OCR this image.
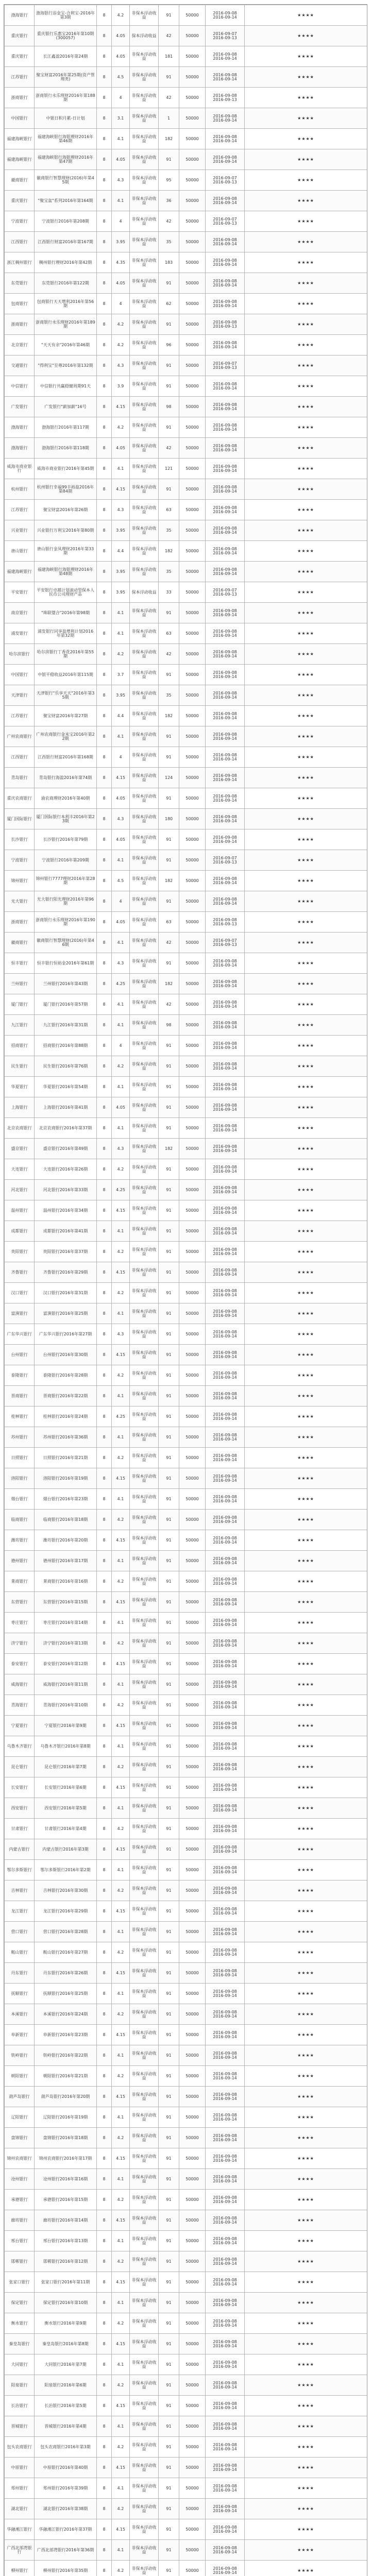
渤海银行	渤海银行添金宝-合利宝-2016年第3期	8	4.2	非保本浮动收益	91	50000	2016-09-08
2016-09-14	★★★★
重庆银行	重庆银行乐惠宝2016年第10期(300057)	8	4.05	保本浮动收益	42	50000	2016-09-07
2016-09-13	★★★★
重庆银行	长江鑫盈2016年第24期	8	4.05	非保本浮动收益	181	50000	2016-09-08
2016-09-14	★★★★
江苏银行	聚宝财富2016年第25期(资产管理类)	8	4.5	非保本浮动收益	91	50000	2016-09-08
2016-09-14	★★★★
浙商银行	浙商银行永乐理财2016年第188期	8	4	非保本浮动收益	42	50000	2016-09-08
2016-09-13	★★★★
中国银行	中银日积月累-日计划	8	3.1	非保本浮动收益	1	50000	2016-09-08
2016-09-14	★★★★
福建海峡银行	福建海峡银行海银理财2016年第46期	8	4.1	非保本浮动收益	182	50000	2016-09-08
2016-09-14	★★★★
福建海峡银行	福建海峡银行海银理财2016年第47期	8	4.05	非保本浮动收益	91	50000	2016-09-08
2016-09-14	★★★★
徽商银行	徽商银行智慧理财(2016)年第45期	8	4.3	非保本浮动收益	95	50000	2016-09-07
2016-09-13	★★★★
重庆银行	"聚宝盆"系列2016年第164期	8	4.1	非保本浮动收益	36	50000	2016-09-08
2016-09-14	★★★★
宁波银行	宁波银行2016年第208期	8	4	非保本浮动收益	42	50000	2016-09-07
2016-09-13	★★★★
江西银行	江西银行财富2016年第167期	8	3.95	非保本浮动收益	35	50000	2016-09-08
2016-09-14	★★★★
浙江稠州银行	稠州银行理财2016年第42期	8	4.35	非保本浮动收益	183	50000	2016-09-08
2016-09-14	★★★★
东莞银行	东莞银行2016年第122期	8	4.05	非保本浮动收益	91	50000	2016-09-08
2016-09-14	★★★★
包商银行	包商银行天天增利2016年第56期	8	4	非保本浮动收益	62	50000	2016-09-08
2016-09-14	★★★★
浙商银行	浙商银行永乐理财2016年第189期	8	4.2	非保本浮动收益	91	50000	2016-09-08
2016-09-13	★★★★
北京银行	"天天有余"2016年第46期	8	4.2	非保本浮动收益	96	50000	2016-09-08
2016-09-14	★★★★
交通银行	"得利宝"至尊2016年第132期	8	4.3	非保本浮动收益	91	50000	2016-09-07
2016-09-13	★★★★
中信银行	中信银行共赢稳健周期91天	8	3.9	非保本浮动收益	91	50000	2016-09-08
2016-09-14	★★★★
广发银行	广发银行"薪加薪"16号	8	4.15	非保本浮动收益	98	50000	2016-09-08
2016-09-14	★★★★
渤海银行	渤海银行2016年第117期	8	4.2	非保本浮动收益	91	50000	2016-09-08
2016-09-14	★★★★
渤海银行	渤海银行2016年第118期	8	4.05	非保本浮动收益	42	50000	2016-09-08
2016-09-14	★★★★
威海市商业银行	威海市商业银行2016年第45期	8	4.1	非保本浮动收益	121	50000	2016-09-08
2016-09-14	★★★★
杭州银行	杭州银行幸福99丰裕盈2016年第84期	8	4.15	非保本浮动收益	91	50000	2016-09-08
2016-09-14	★★★★
江苏银行	聚宝财富2016年第26期	8	4.3	非保本浮动收益	63	50000	2016-09-08
2016-09-14	★★★★
兴业银行	兴业银行万利宝2016年第80期	8	3.95	非保本浮动收益	35	50000	2016-09-08
2016-09-14	★★★★
唐山银行	唐山银行金凤理财2016年第33期	8	4.4	非保本浮动收益	182	50000	2016-09-08
2016-09-14	★★★★
福建海峡银行	福建海峡银行海银理财2016年第48期	8	3.95	非保本浮动收益	35	50000	2016-09-08
2016-09-14	★★★★
平安银行	平安银行卓越计划滚动型保本人民币公司理财产品	8	3.95	保本浮动收益	33	50000	2016-09-07
2016-09-13	★★★★
南京银行	"珠联璧合"2016年第98期	8	4.1	非保本浮动收益	91	50000	2016-09-08
2016-09-14	★★★★
浦发银行	浦发银行同享盈增利计划2016年第32期	8	4.1	非保本浮动收益	63	50000	2016-09-08
2016-09-14	★★★★
哈尔滨银行	哈尔滨银行丁香花2016年第55期	8	4.2	非保本浮动收益	42	50000	2016-09-08
2016-09-14	★★★★
中国银行	中银平稳收益2016年第115期	8	3.7	非保本浮动收益	91	50000	2016-09-08
2016-09-14	★★★★
天津银行	天津银行"乐享天天"2016年第35期	8	3.95	非保本浮动收益	35	50000	2016-09-08
2016-09-14	★★★★
江苏银行	聚宝财富2016年第27期	8	4.4	非保本浮动收益	182	50000	2016-09-08
2016-09-14	★★★★
广州农商银行	广州农商银行金米宝2016年第22期	8	4.1	非保本浮动收益	91	50000	2016-09-08
2016-09-14	★★★★
江西银行	江西银行财富2016年第168期	8	4	非保本浮动收益	91	50000	2016-09-08
2016-09-14	★★★★
青岛银行	青岛银行海盈2016年第74期	8	4.15	非保本浮动收益	124	50000	2016-09-08
2016-09-14	★★★★
重庆农商银行	渝农商理财2016年第40期	8	4.05	非保本浮动收益	91	50000	2016-09-08
2016-09-14	★★★★
厦门国际银行	厦门国际银行本利丰2016年第23期	8	4.3	非保本浮动收益	180	50000	2016-09-08
2016-09-14	★★★★
长沙银行	长沙银行2016年第79期	8	4.05	非保本浮动收益	91	50000	2016-09-08
2016-09-14	★★★★
宁波银行	宁波银行2016年第209期	8	4.1	非保本浮动收益	91	50000	2016-09-07
2016-09-13	★★★★
锦州银行	锦州银行7777理财2016年第28期	8	4.5	非保本浮动收益	182	50000	2016-09-08
2016-09-14	★★★★
光大银行	光大银行阳光理财2016年第96期	8	4	非保本浮动收益	91	50000	2016-09-08
2016-09-14	★★★★
浙商银行	浙商银行永乐理财2016年第190期	8	4.05	非保本浮动收益	63	50000	2016-09-08
2016-09-13	★★★★
徽商银行	徽商银行智慧理财(2016)年第46期	8	4.1	非保本浮动收益	42	50000	2016-09-07
2016-09-13	★★★★
恒丰银行	恒丰银行恒裕金2016年第61期	8	4.3	非保本浮动收益	91	50000	2016-09-08
2016-09-14	★★★★
兰州银行	兰州银行2016年第43期	8	4.25	非保本浮动收益	182	50000	2016-09-08
2016-09-14	★★★★
厦门银行	厦门银行2016年第57期	8	4.1	非保本浮动收益	42	50000	2016-09-08
2016-09-14	★★★★
九江银行	九江银行2016年第31期	8	4.1	非保本浮动收益	98	50000	2016-09-08
2016-09-14	★★★★
招商银行	招商银行2016年第88期	8	4	非保本浮动收益	91	50000	2016-09-08
2016-09-14	★★★★
民生银行	民生银行2016年第76期	8	4.2	非保本浮动收益	91	50000	2016-09-08
2016-09-14	★★★★
华夏银行	华夏银行2016年第54期	8	4.1	非保本浮动收益	91	50000	2016-09-08
2016-09-14	★★★★
上海银行	上海银行2016年第41期	8	4.05	非保本浮动收益	91	50000	2016-09-08
2016-09-14	★★★★
北京农商银行	北京农商银行2016年第37期	8	4.1	非保本浮动收益	91	50000	2016-09-08
2016-09-14	★★★★
盛京银行	盛京银行2016年第49期	8	4.3	非保本浮动收益	182	50000	2016-09-08
2016-09-14	★★★★
大连银行	大连银行2016年第26期	8	4.2	非保本浮动收益	91	50000	2016-09-08
2016-09-14	★★★★
河北银行	河北银行2016年第33期	8	4.25	非保本浮动收益	91	50000	2016-09-08
2016-09-14	★★★★
温州银行	温州银行2016年第34期	8	4.15	非保本浮动收益	91	50000	2016-09-08
2016-09-14	★★★★
成都银行	成都银行2016年第41期	8	4.1	非保本浮动收益	91	50000	2016-09-08
2016-09-14	★★★★
贵阳银行	贵阳银行2016年第37期	8	4.2	非保本浮动收益	91	50000	2016-09-08
2016-09-14	★★★★
齐鲁银行	齐鲁银行2016年第29期	8	4.15	非保本浮动收益	91	50000	2016-09-08
2016-09-14	★★★★
汉口银行	汉口银行2016年第31期	8	4.2	非保本浮动收益	91	50000	2016-09-08
2016-09-14	★★★★
富滇银行	富滇银行2016年第25期	8	4.1	非保本浮动收益	91	50000	2016-09-08
2016-09-14	★★★★
广东华兴银行	广东华兴银行2016年第27期	8	4.3	非保本浮动收益	91	50000	2016-09-08
2016-09-14	★★★★
台州银行	台州银行2016年第30期	8	4.15	非保本浮动收益	91	50000	2016-09-08
2016-09-14	★★★★
泰隆银行	泰隆银行2016年第28期	8	4.2	非保本浮动收益	91	50000	2016-09-08
2016-09-14	★★★★
晋商银行	晋商银行2016年第22期	8	4.1	非保本浮动收益	91	50000	2016-09-08
2016-09-14	★★★★
桂林银行	桂林银行2016年第24期	8	4.25	非保本浮动收益	91	50000	2016-09-08
2016-09-14	★★★★
苏州银行	苏州银行2016年第36期	8	4.1	非保本浮动收益	91	50000	2016-09-08
2016-09-14	★★★★
日照银行	日照银行2016年第21期	8	4.2	非保本浮动收益	91	50000	2016-09-08
2016-09-14	★★★★
洛阳银行	洛阳银行2016年第19期	8	4.15	非保本浮动收益	91	50000	2016-09-08
2016-09-14	★★★★
烟台银行	烟台银行2016年第23期	8	4.1	非保本浮动收益	91	50000	2016-09-08
2016-09-14	★★★★
临商银行	临商银行2016年第18期	8	4.2	非保本浮动收益	91	50000	2016-09-08
2016-09-14	★★★★
潍坊银行	潍坊银行2016年第20期	8	4.15	非保本浮动收益	91	50000	2016-09-08
2016-09-14	★★★★
德州银行	德州银行2016年第17期	8	4.1	非保本浮动收益	91	50000	2016-09-08
2016-09-14	★★★★
莱商银行	莱商银行2016年第16期	8	4.2	非保本浮动收益	91	50000	2016-09-08
2016-09-14	★★★★
东营银行	东营银行2016年第15期	8	4.15	非保本浮动收益	91	50000	2016-09-08
2016-09-14	★★★★
枣庄银行	枣庄银行2016年第14期	8	4.1	非保本浮动收益	91	50000	2016-09-08
2016-09-14	★★★★
济宁银行	济宁银行2016年第13期	8	4.2	非保本浮动收益	91	50000	2016-09-08
2016-09-14	★★★★
泰安银行	泰安银行2016年第12期	8	4.15	非保本浮动收益	91	50000	2016-09-08
2016-09-14	★★★★
威海银行	威海银行2016年第11期	8	4.1	非保本浮动收益	91	50000	2016-09-08
2016-09-14	★★★★
青海银行	青海银行2016年第10期	8	4.2	非保本浮动收益	91	50000	2016-09-08
2016-09-14	★★★★
宁夏银行	宁夏银行2016年第9期	8	4.15	非保本浮动收益	91	50000	2016-09-08
2016-09-14	★★★★
乌鲁木齐银行	乌鲁木齐银行2016年第8期	8	4.1	非保本浮动收益	91	50000	2016-09-08
2016-09-14	★★★★
昆仑银行	昆仑银行2016年第7期	8	4.2	非保本浮动收益	91	50000	2016-09-08
2016-09-14	★★★★
长安银行	长安银行2016年第6期	8	4.15	非保本浮动收益	91	50000	2016-09-08
2016-09-14	★★★★
西安银行	西安银行2016年第5期	8	4.1	非保本浮动收益	91	50000	2016-09-08
2016-09-14	★★★★
甘肃银行	甘肃银行2016年第4期	8	4.2	非保本浮动收益	91	50000	2016-09-08
2016-09-14	★★★★
内蒙古银行	内蒙古银行2016年第3期	8	4.15	非保本浮动收益	91	50000	2016-09-08
2016-09-14	★★★★
鄂尔多斯银行	鄂尔多斯银行2016年第2期	8	4.1	非保本浮动收益	91	50000	2016-09-08
2016-09-14	★★★★
吉林银行	吉林银行2016年第30期	8	4.2	非保本浮动收益	91	50000	2016-09-08
2016-09-14	★★★★
龙江银行	龙江银行2016年第29期	8	4.15	非保本浮动收益	91	50000	2016-09-08
2016-09-14	★★★★
营口银行	营口银行2016年第28期	8	4.1	非保本浮动收益	91	50000	2016-09-08
2016-09-14	★★★★
鞍山银行	鞍山银行2016年第27期	8	4.2	非保本浮动收益	91	50000	2016-09-08
2016-09-14	★★★★
丹东银行	丹东银行2016年第26期	8	4.15	非保本浮动收益	91	50000	2016-09-08
2016-09-14	★★★★
抚顺银行	抚顺银行2016年第25期	8	4.1	非保本浮动收益	91	50000	2016-09-08
2016-09-14	★★★★
本溪银行	本溪银行2016年第24期	8	4.2	非保本浮动收益	91	50000	2016-09-08
2016-09-14	★★★★
阜新银行	阜新银行2016年第23期	8	4.15	非保本浮动收益	91	50000	2016-09-08
2016-09-14	★★★★
铁岭银行	铁岭银行2016年第22期	8	4.1	非保本浮动收益	91	50000	2016-09-08
2016-09-14	★★★★
朝阳银行	朝阳银行2016年第21期	8	4.2	非保本浮动收益	91	50000	2016-09-08
2016-09-14	★★★★
葫芦岛银行	葫芦岛银行2016年第20期	8	4.15	非保本浮动收益	91	50000	2016-09-08
2016-09-14	★★★★
辽阳银行	辽阳银行2016年第19期	8	4.1	非保本浮动收益	91	50000	2016-09-08
2016-09-14	★★★★
盘锦银行	盘锦银行2016年第18期	8	4.2	非保本浮动收益	91	50000	2016-09-08
2016-09-14	★★★★
锦州农商银行	锦州农商银行2016年第17期	8	4.15	非保本浮动收益	91	50000	2016-09-08
2016-09-14	★★★★
沧州银行	沧州银行2016年第16期	8	4.1	非保本浮动收益	91	50000	2016-09-08
2016-09-14	★★★★
承德银行	承德银行2016年第15期	8	4.2	非保本浮动收益	91	50000	2016-09-08
2016-09-14	★★★★
廊坊银行	廊坊银行2016年第14期	8	4.15	非保本浮动收益	91	50000	2016-09-08
2016-09-14	★★★★
邢台银行	邢台银行2016年第13期	8	4.1	非保本浮动收益	91	50000	2016-09-08
2016-09-14	★★★★
邯郸银行	邯郸银行2016年第12期	8	4.2	非保本浮动收益	91	50000	2016-09-08
2016-09-14	★★★★
张家口银行	张家口银行2016年第11期	8	4.15	非保本浮动收益	91	50000	2016-09-08
2016-09-14	★★★★
保定银行	保定银行2016年第10期	8	4.1	非保本浮动收益	91	50000	2016-09-08
2016-09-14	★★★★
衡水银行	衡水银行2016年第9期	8	4.2	非保本浮动收益	91	50000	2016-09-08
2016-09-14	★★★★
秦皇岛银行	秦皇岛银行2016年第8期	8	4.15	非保本浮动收益	91	50000	2016-09-08
2016-09-14	★★★★
大同银行	大同银行2016年第7期	8	4.1	非保本浮动收益	91	50000	2016-09-08
2016-09-14	★★★★
阳泉银行	阳泉银行2016年第6期	8	4.2	非保本浮动收益	91	50000	2016-09-08
2016-09-14	★★★★
长治银行	长治银行2016年第5期	8	4.15	非保本浮动收益	91	50000	2016-09-08
2016-09-14	★★★★
晋城银行	晋城银行2016年第4期	8	4.1	非保本浮动收益	91	50000	2016-09-08
2016-09-14	★★★★
包头农商银行	包头农商银行2016年第3期	8	4.2	非保本浮动收益	91	50000	2016-09-08
2016-09-14	★★★★
中原银行	中原银行2016年第40期	8	4.15	非保本浮动收益	91	50000	2016-09-08
2016-09-14	★★★★
郑州银行	郑州银行2016年第39期	8	4.1	非保本浮动收益	91	50000	2016-09-08
2016-09-14	★★★★
湖北银行	湖北银行2016年第38期	8	4.2	非保本浮动收益	91	50000	2016-09-08
2016-09-14	★★★★
华融湘江银行	华融湘江银行2016年第37期	8	4.15	非保本浮动收益	91	50000	2016-09-08
2016-09-14	★★★★
广西北部湾银行	广西北部湾银行2016年第36期	8	4.1	非保本浮动收益	91	50000	2016-09-08
2016-09-14	★★★★
柳州银行	柳州银行2016年第35期	8	4.2	非保本浮动收益	91	50000	2016-09-08
2016-09-14	★★★★
